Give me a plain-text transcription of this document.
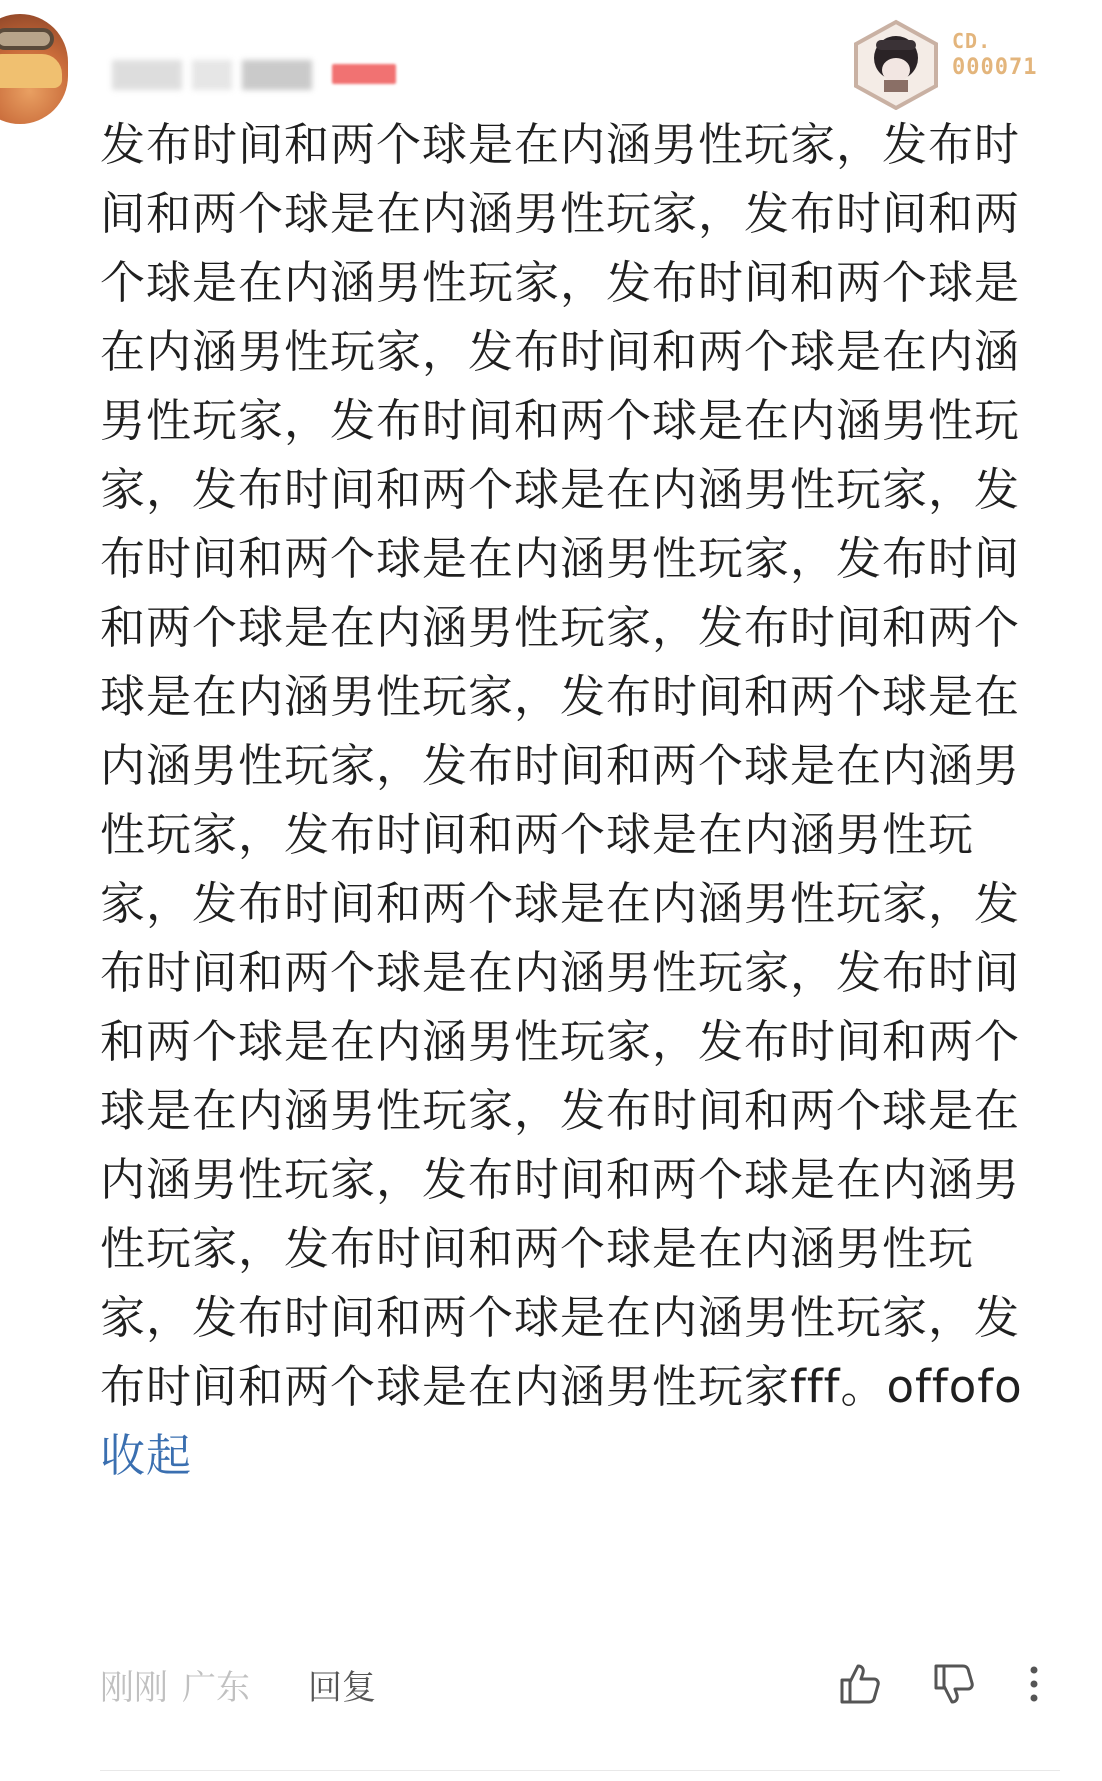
CD.
000071
发布时间和两个球是在内涵男性玩家，发布时间和两个球是在内涵男性玩家，发布时间和两个球是在内涵男性玩家，发布时间和两个球是在内涵男性玩家，发布时间和两个球是在内涵男性玩家，发布时间和两个球是在内涵男性玩家，发布时间和两个球是在内涵男性玩家，发布时间和两个球是在内涵男性玩家，发布时间和两个球是在内涵男性玩家，发布时间和两个球是在内涵男性玩家，发布时间和两个球是在内涵男性玩家，发布时间和两个球是在内涵男性玩家，发布时间和两个球是在内涵男性玩家，发布时间和两个球是在内涵男性玩家，发布时间和两个球是在内涵男性玩家，发布时间和两个球是在内涵男性玩家，发布时间和两个球是在内涵男性玩家，发布时间和两个球是在内涵男性玩家，发布时间和两个球是在内涵男性玩家，发布时间和两个球是在内涵男性玩家，发布时间和两个球是在内涵男性玩家，发布时间和两个球是在内涵男性玩家fff。offofo 收起
刚刚 广东	回复
